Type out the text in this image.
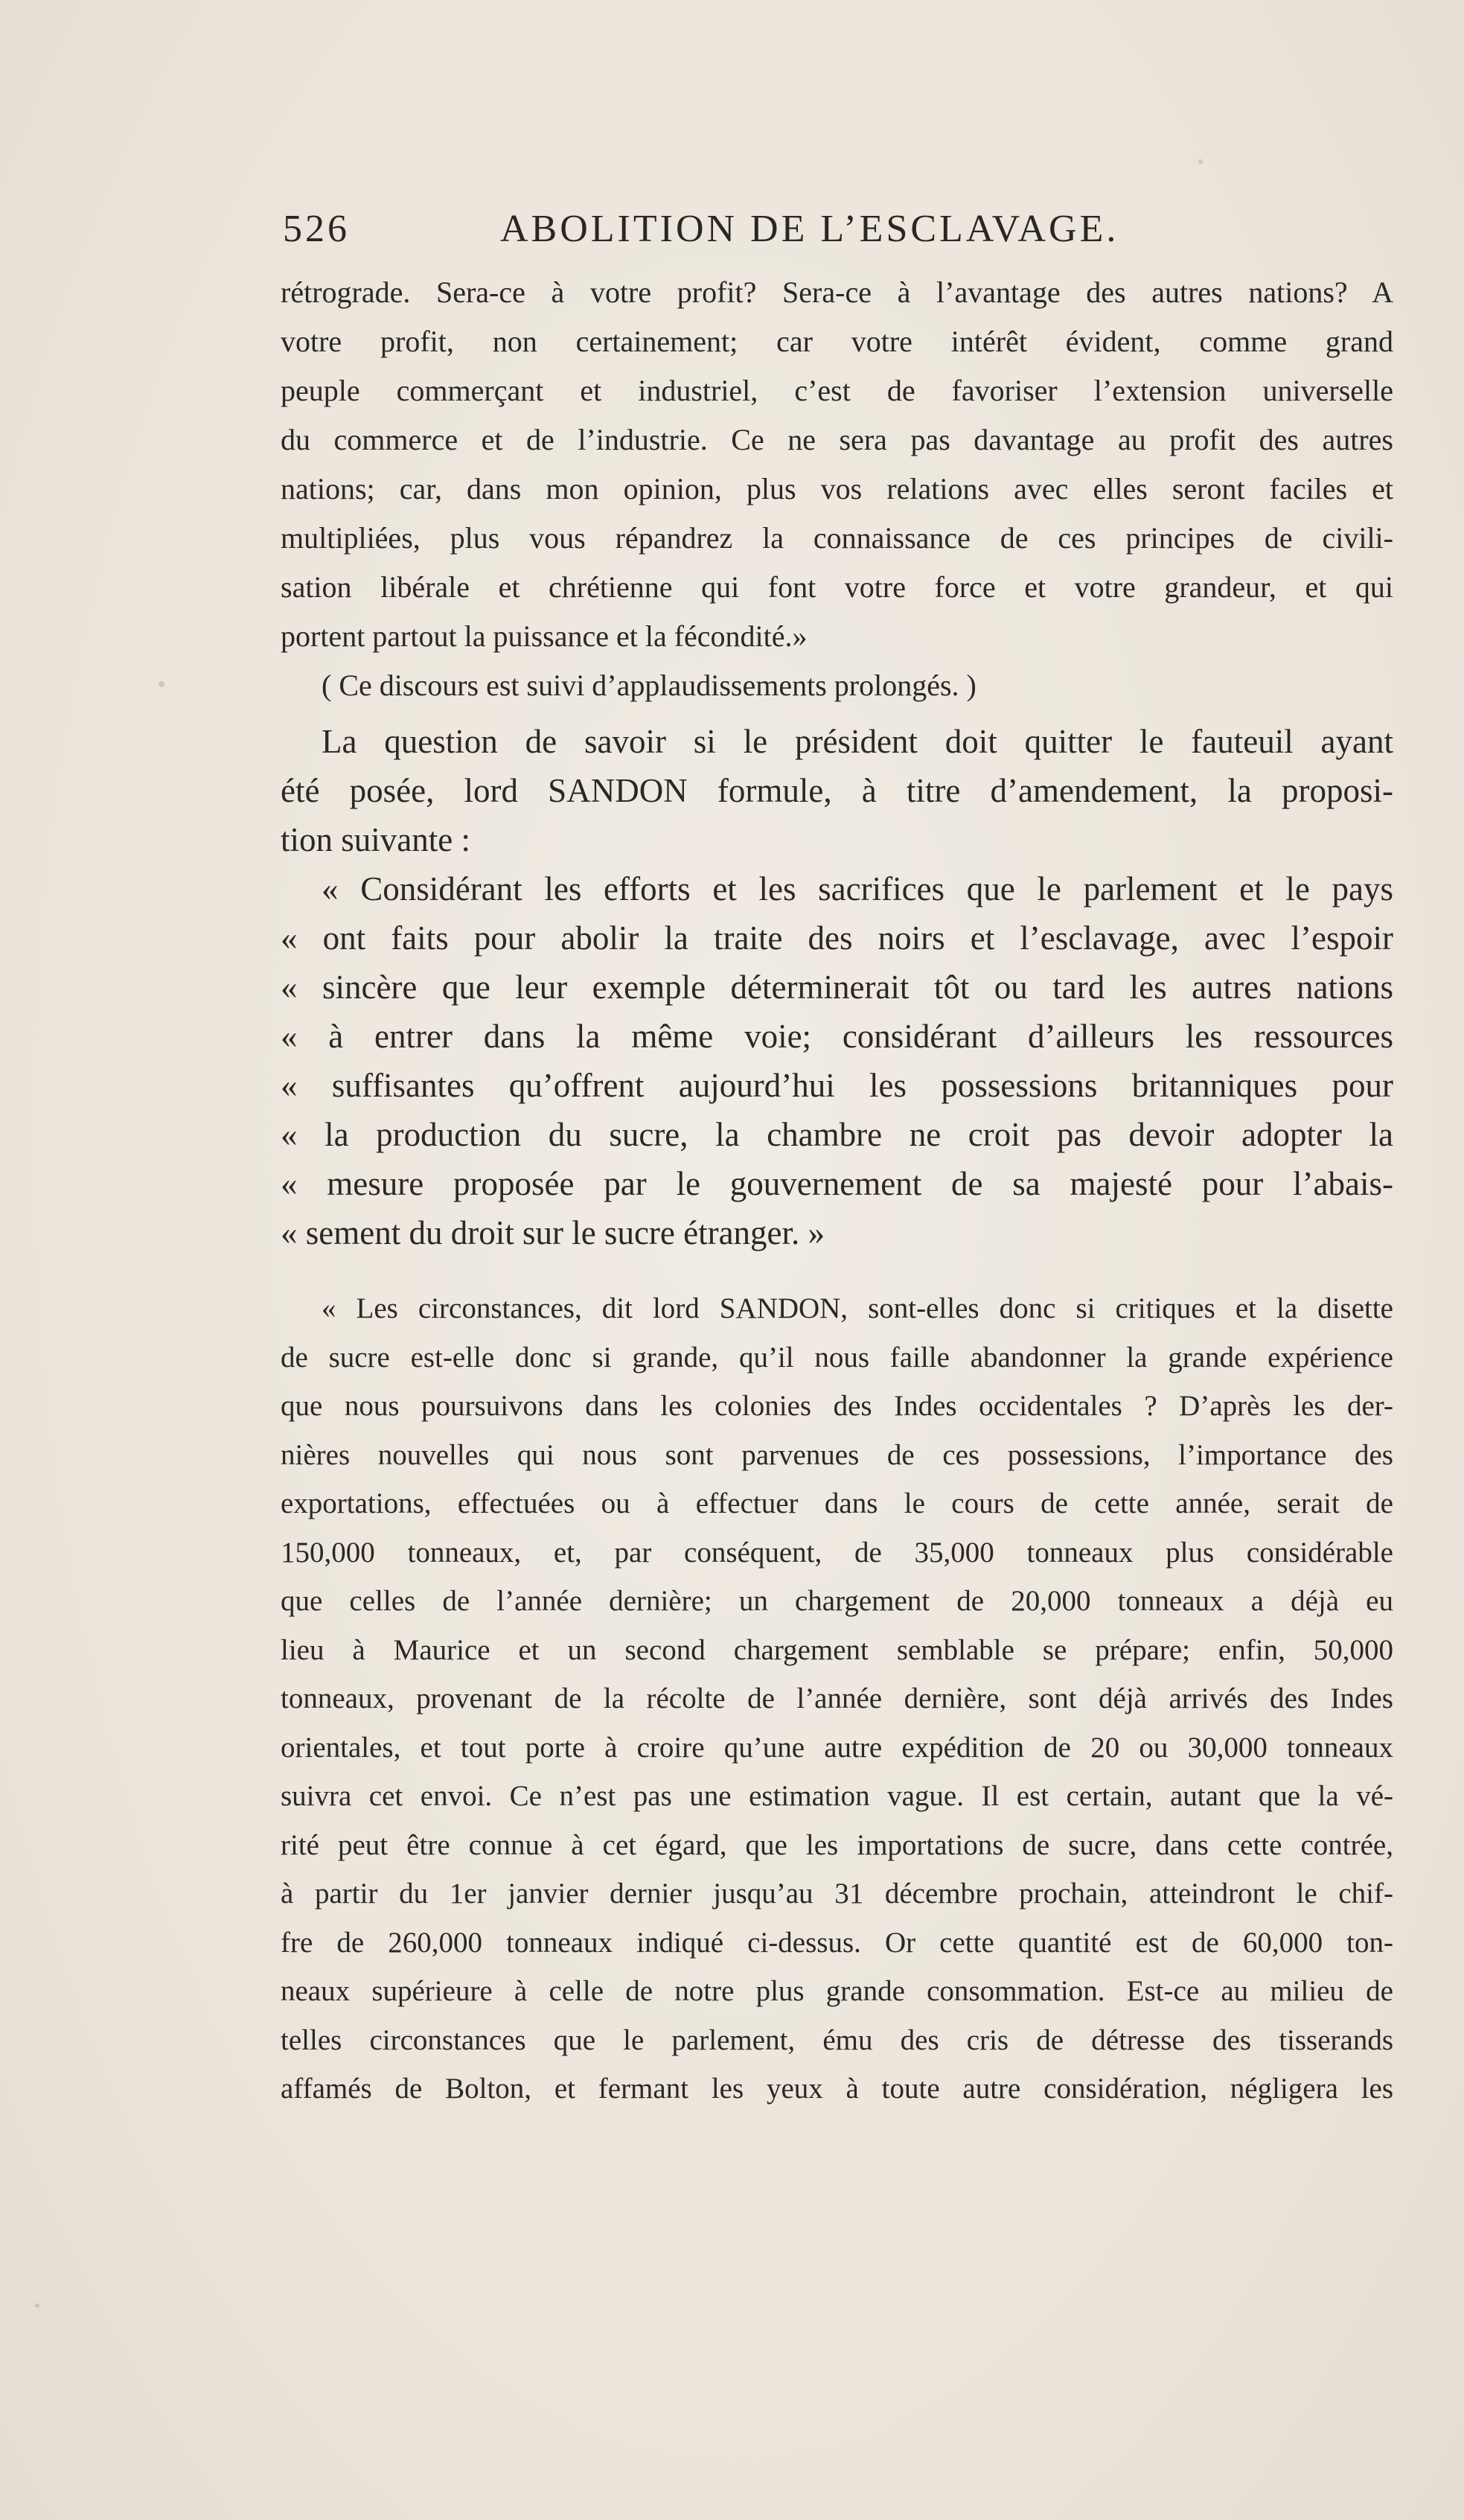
526	ABOLITION DE L’ESCLAVAGE.
rétrograde. Sera-ce à votre profit? Sera-ce à l’avantage des autres nations? A
votre profit, non certainement; car votre intérêt évident, comme grand
peuple commerçant et industriel, c’est de favoriser l’extension universelle
du commerce et de l’industrie. Ce ne sera pas davantage au profit des autres
nations; car, dans mon opinion, plus vos relations avec elles seront faciles et
multipliées, plus vous répandrez la connaissance de ces principes de civili-
sation libérale et chrétienne qui font votre force et votre grandeur, et qui
portent partout la puissance et la fécondité.»
( Ce discours est suivi d’applaudissements prolongés. )
La question de savoir si le président doit quitter le fauteuil ayant
été posée, lord SANDON formule, à titre d’amendement, la proposi-
tion suivante :
« Considérant les efforts et les sacrifices que le parlement et le pays
« ont faits pour abolir la traite des noirs et l’esclavage, avec l’espoir
« sincère que leur exemple déterminerait tôt ou tard les autres nations
« à entrer dans la même voie; considérant d’ailleurs les ressources
« suffisantes qu’offrent aujourd’hui les possessions britanniques pour
« la production du sucre, la chambre ne croit pas devoir adopter la
« mesure proposée par le gouvernement de sa majesté pour l’abais-
« sement du droit sur le sucre étranger. »
« Les circonstances, dit lord SANDON, sont-elles donc si critiques et la disette
de sucre est-elle donc si grande, qu’il nous faille abandonner la grande expérience
que nous poursuivons dans les colonies des Indes occidentales ? D’après les der-
nières nouvelles qui nous sont parvenues de ces possessions, l’importance des
exportations, effectuées ou à effectuer dans le cours de cette année, serait de
150,000 tonneaux, et, par conséquent, de 35,000 tonneaux plus considérable
que celles de l’année dernière; un chargement de 20,000 tonneaux a déjà eu
lieu à Maurice et un second chargement semblable se prépare; enfin, 50,000
tonneaux, provenant de la récolte de l’année dernière, sont déjà arrivés des Indes
orientales, et tout porte à croire qu’une autre expédition de 20 ou 30,000 tonneaux
suivra cet envoi. Ce n’est pas une estimation vague. Il est certain, autant que la vé-
rité peut être connue à cet égard, que les importations de sucre, dans cette contrée,
à partir du 1er janvier dernier jusqu’au 31 décembre prochain, atteindront le chif-
fre de 260,000 tonneaux indiqué ci-dessus. Or cette quantité est de 60,000 ton-
neaux supérieure à celle de notre plus grande consommation. Est-ce au milieu de
telles circonstances que le parlement, ému des cris de détresse des tisserands
affamés de Bolton, et fermant les yeux à toute autre considération, négligera les
